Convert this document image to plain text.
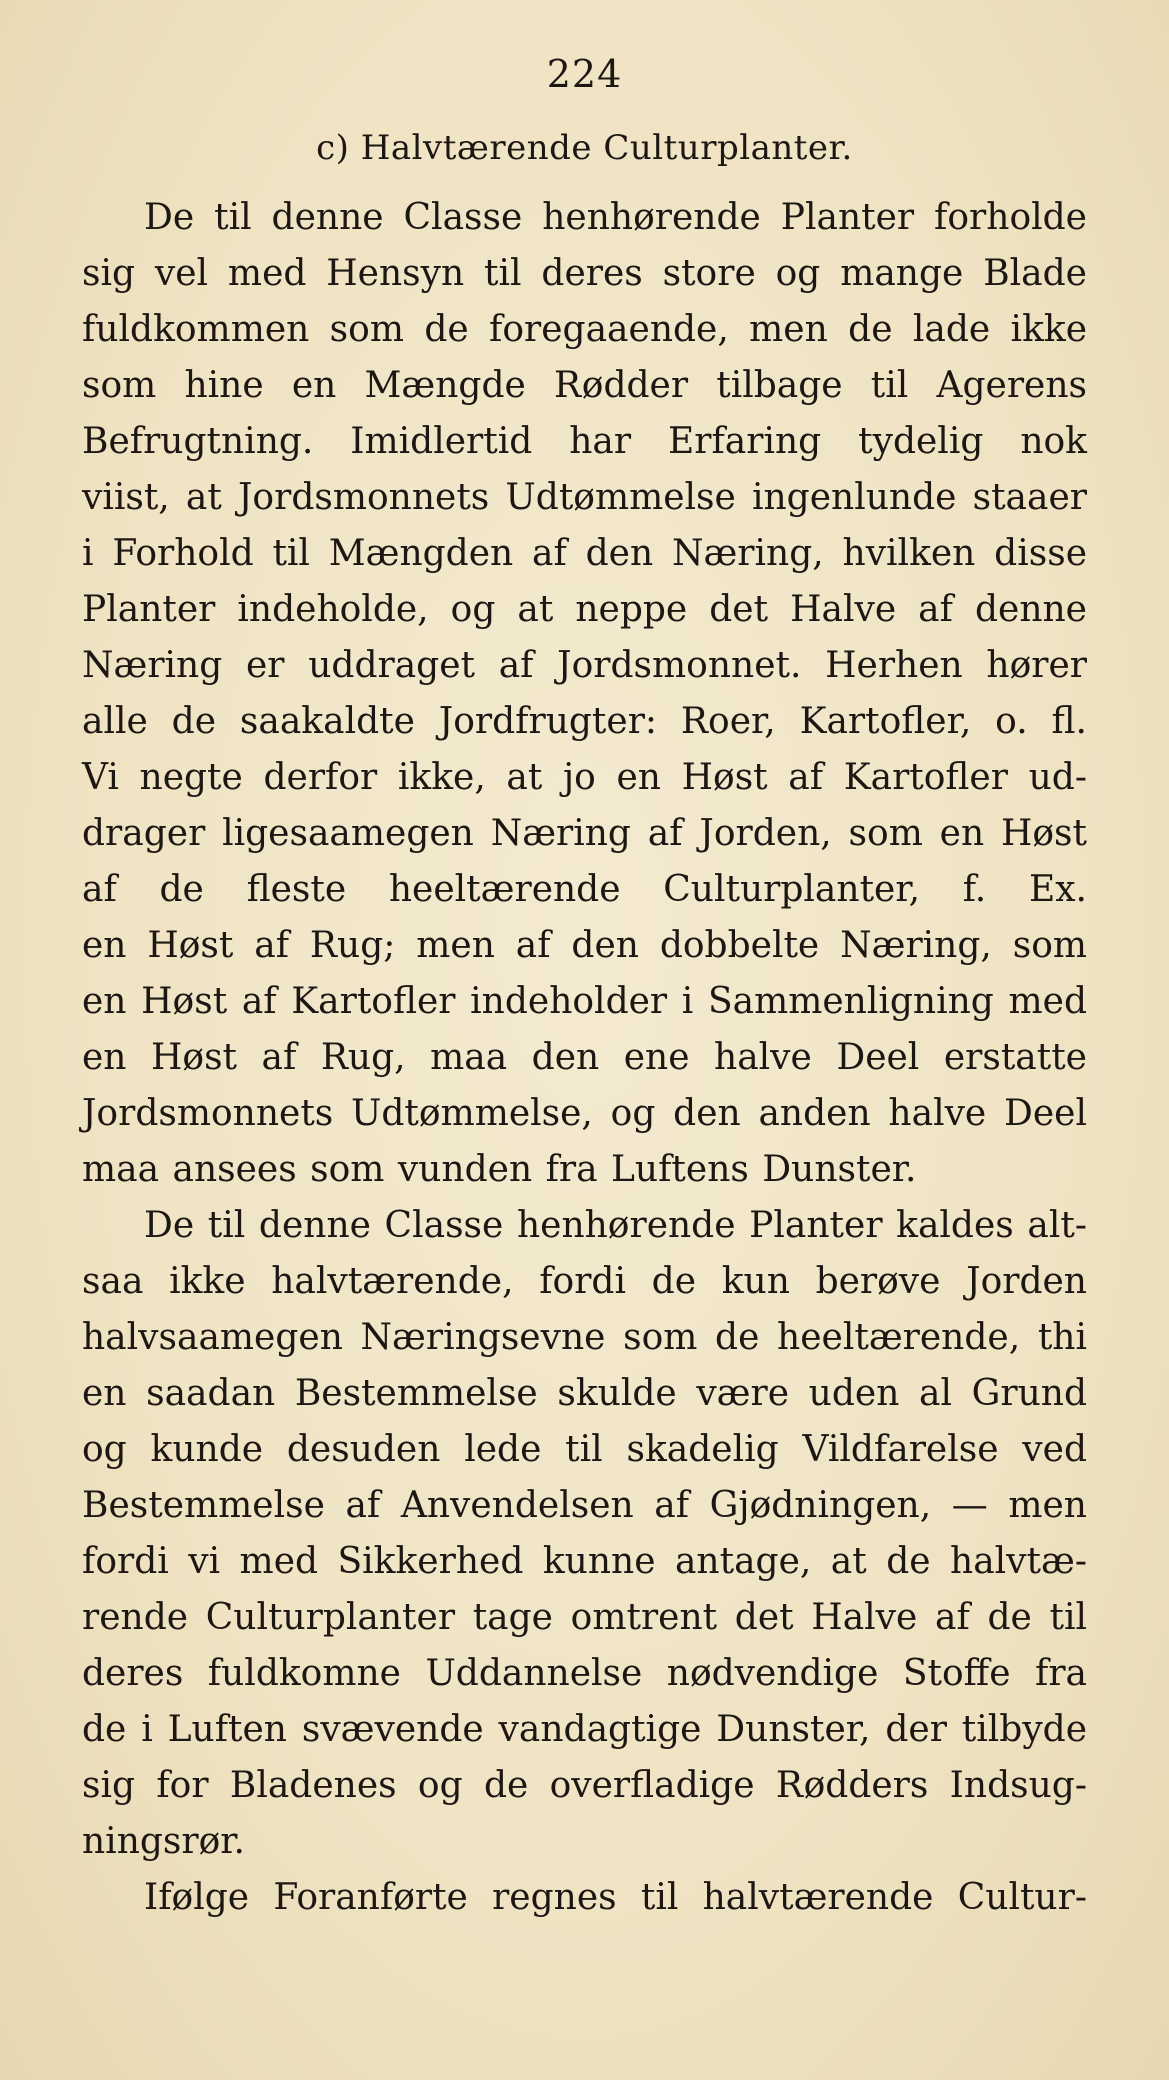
224
c) Halvtærende Culturplanter.
De til denne Classe henhørende Planter forholde
sig vel med Hensyn til deres store og mange Blade
fuldkommen som de foregaaende, men de lade ikke
som hine en Mængde Rødder tilbage til Agerens
Befrugtning. Imidlertid har Erfaring tydelig nok
viist, at Jordsmonnets Udtømmelse ingenlunde staaer
i Forhold til Mængden af den Næring, hvilken disse
Planter indeholde, og at neppe det Halve af denne
Næring er uddraget af Jordsmonnet. Herhen hører
alle de saakaldte Jordfrugter: Roer, Kartofler, o. fl.
Vi negte derfor ikke, at jo en Høst af Kartofler ud-
drager ligesaamegen Næring af Jorden, som en Høst
af de fleste heeltærende Culturplanter, f. Ex.
en Høst af Rug; men af den dobbelte Næring, som
en Høst af Kartofler indeholder i Sammenligning med
en Høst af Rug, maa den ene halve Deel erstatte
Jordsmonnets Udtømmelse, og den anden halve Deel
maa ansees som vunden fra Luftens Dunster.
De til denne Classe henhørende Planter kaldes alt-
saa ikke halvtærende, fordi de kun berøve Jorden
halvsaamegen Næringsevne som de heeltærende, thi
en saadan Bestemmelse skulde være uden al Grund
og kunde desuden lede til skadelig Vildfarelse ved
Bestemmelse af Anvendelsen af Gjødningen, — men
fordi vi med Sikkerhed kunne antage, at de halvtæ-
rende Culturplanter tage omtrent det Halve af de til
deres fuldkomne Uddannelse nødvendige Stoffe fra
de i Luften svævende vandagtige Dunster, der tilbyde
sig for Bladenes og de overfladige Rødders Indsug-
ningsrør.
Ifølge Foranførte regnes til halvtærende Cultur-
